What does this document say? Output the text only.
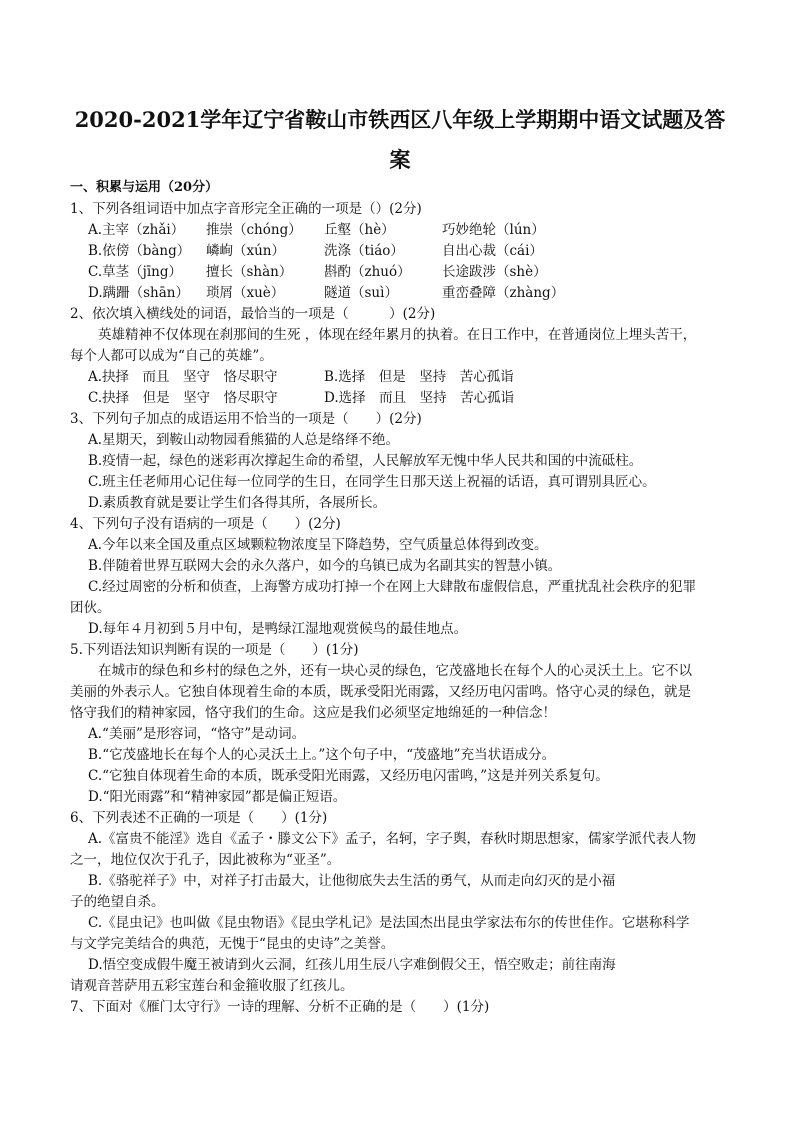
2020-2021学年辽宁省鞍山市铁西区八年级上学期期中语文试题及答
案
一、积累与运用（20分）
1、下列各组词语中加点字音形完全正确的一项是（）(2分)
A.主宰（zhǎi） 推崇（chóng） 丘壑（hè）	巧妙绝轮（lún）
B.依傍（bàng） 嶙峋（xún）	洗涤（tiáo）	自出心裁（cái）
C.草茎（jīng） 擅长（shàn） 斟酌（zhuó） 长途跋涉（shè）
D.蹒跚（shān） 琐屑（xuè）	隧道（suì）	重峦叠障（zhàng）
2、依次填入横线处的词语，最恰当的一项是（　　　）(2分)
英雄精神不仅体现在刹那间的生死 ，体现在经年累月的执着。在日工作中，在普通岗位上埋头苦干，
每个人都可以成为“自己的英雄”。
A.抉择　而且　坚守　恪尽职守	B.选择　但是　坚持　苦心孤诣
C.抉择　但是　坚守　恪尽职守	D.选择　而且　坚持　苦心孤诣
3、下列句子加点的成语运用不恰当的一项是（　　）(2分)
A.星期天，到鞍山动物园看熊猫的人总是络绎不绝。
B.疫情一起，绿色的迷彩再次撑起生命的希望，人民解放军无愧中华人民共和国的中流砥柱。
C.班主任老师用心记住每一位同学的生日，在同学生日那天送上祝福的话语，真可谓别具匠心。
D.素质教育就是要让学生们各得其所，各展所长。
4、下列句子没有语病的一项是（　　）(2分)
A.今年以来全国及重点区域颗粒物浓度呈下降趋势，空气质量总体得到改变。
B.伴随着世界互联网大会的永久落户，如今的乌镇已成为名副其实的智慧小镇。
C.经过周密的分析和侦查，上海警方成功打掉一个在网上大肆散布虚假信息，严重扰乱社会秩序的犯罪
团伙。
D.每年４月初到５月中旬，是鸭绿江湿地观赏候鸟的最佳地点。
5.下列语法知识判断有误的一项是（　　）(1分)
在城市的绿色和乡村的绿色之外，还有一块心灵的绿色，它茂盛地长在每个人的心灵沃土上。它不以
美丽的外表示人。它独自体现着生命的本质，既承受阳光雨露，又经历电闪雷鸣。恪守心灵的绿色，就是
恪守我们的精神家园，恪守我们的生命。这应是我们必须坚定地绵延的一种信念！
A.“美丽”是形容词，“恪守”是动词。
B.“它茂盛地长在每个人的心灵沃土上。”这个句子中，“茂盛地”充当状语成分。
C.“它独自体现着生命的本质，既承受阳光雨露，又经历电闪雷鸣，”这是并列关系复句。
D.“阳光雨露”和“精神家园”都是偏正短语。
6、下列表述不正确的一项是（　　）(1分)
A.《富贵不能淫》选自《孟子・滕文公下》孟子，名轲，字子舆，春秋时期思想家，儒家学派代表人物
之一，地位仅次于孔子，因此被称为“亚圣”。
B.《骆驼祥子》中，对祥子打击最大，让他彻底失去生活的勇气，从而走向幻灭的是小福
子的绝望自杀。
C.《昆虫记》也叫做《昆虫物语》《昆虫学札记》是法国杰出昆虫学家法布尔的传世佳作。它堪称科学
与文学完美结合的典范，无愧于“昆虫的史诗”之美誉。
D.悟空变成假牛魔王被请到火云洞，红孩儿用生辰八字难倒假父王，悟空败走；前往南海
请观音菩萨用五彩宝莲台和金箍收服了红孩儿。
7、下面对《雁门太守行》一诗的理解、分析不正确的是（　　）(1分)
